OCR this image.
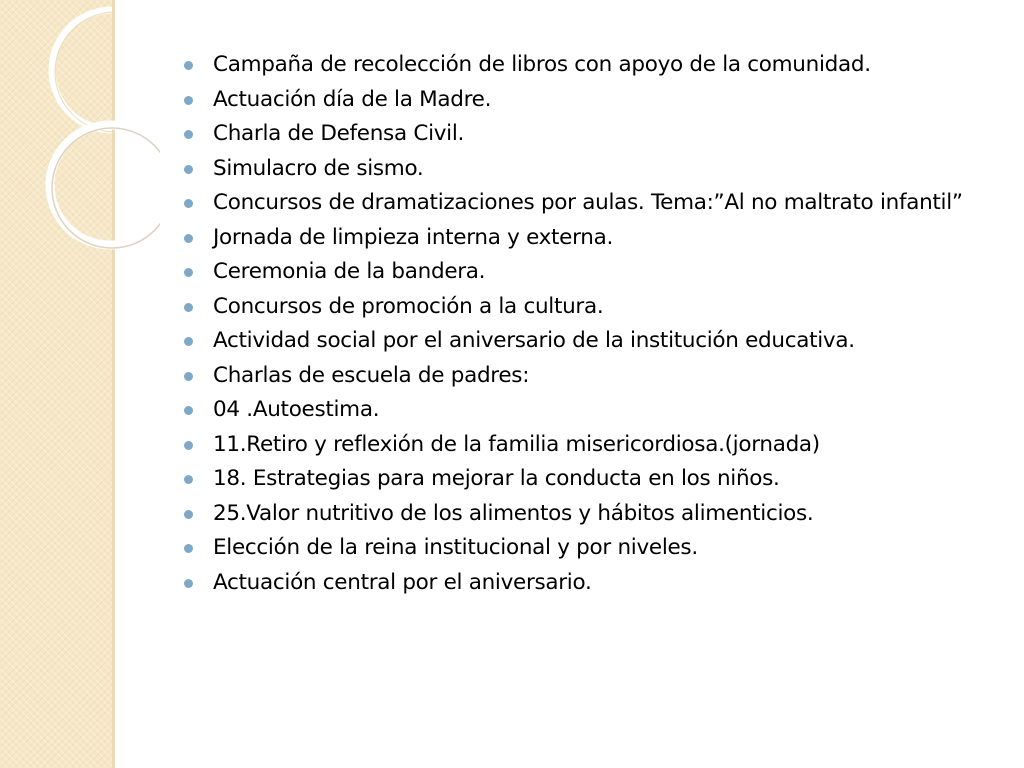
Campaña de recolección de libros con apoyo de la comunidad.
Actuación día de la Madre.
Charla de Defensa Civil.
Simulacro de sismo.
Concursos de dramatizaciones por aulas. Tema:”Al no maltrato infantil”
Jornada de limpieza interna y externa.
Ceremonia de la bandera.
Concursos de promoción a la cultura.
Actividad social por el aniversario de la institución educativa.
Charlas de escuela de padres:
04 .Autoestima.
11.Retiro y reflexión de la familia misericordiosa.(jornada)
18. Estrategias para mejorar la conducta en los niños.
25.Valor nutritivo de los alimentos y hábitos alimenticios.
Elección de la reina institucional y por niveles.
Actuación central por el aniversario.
